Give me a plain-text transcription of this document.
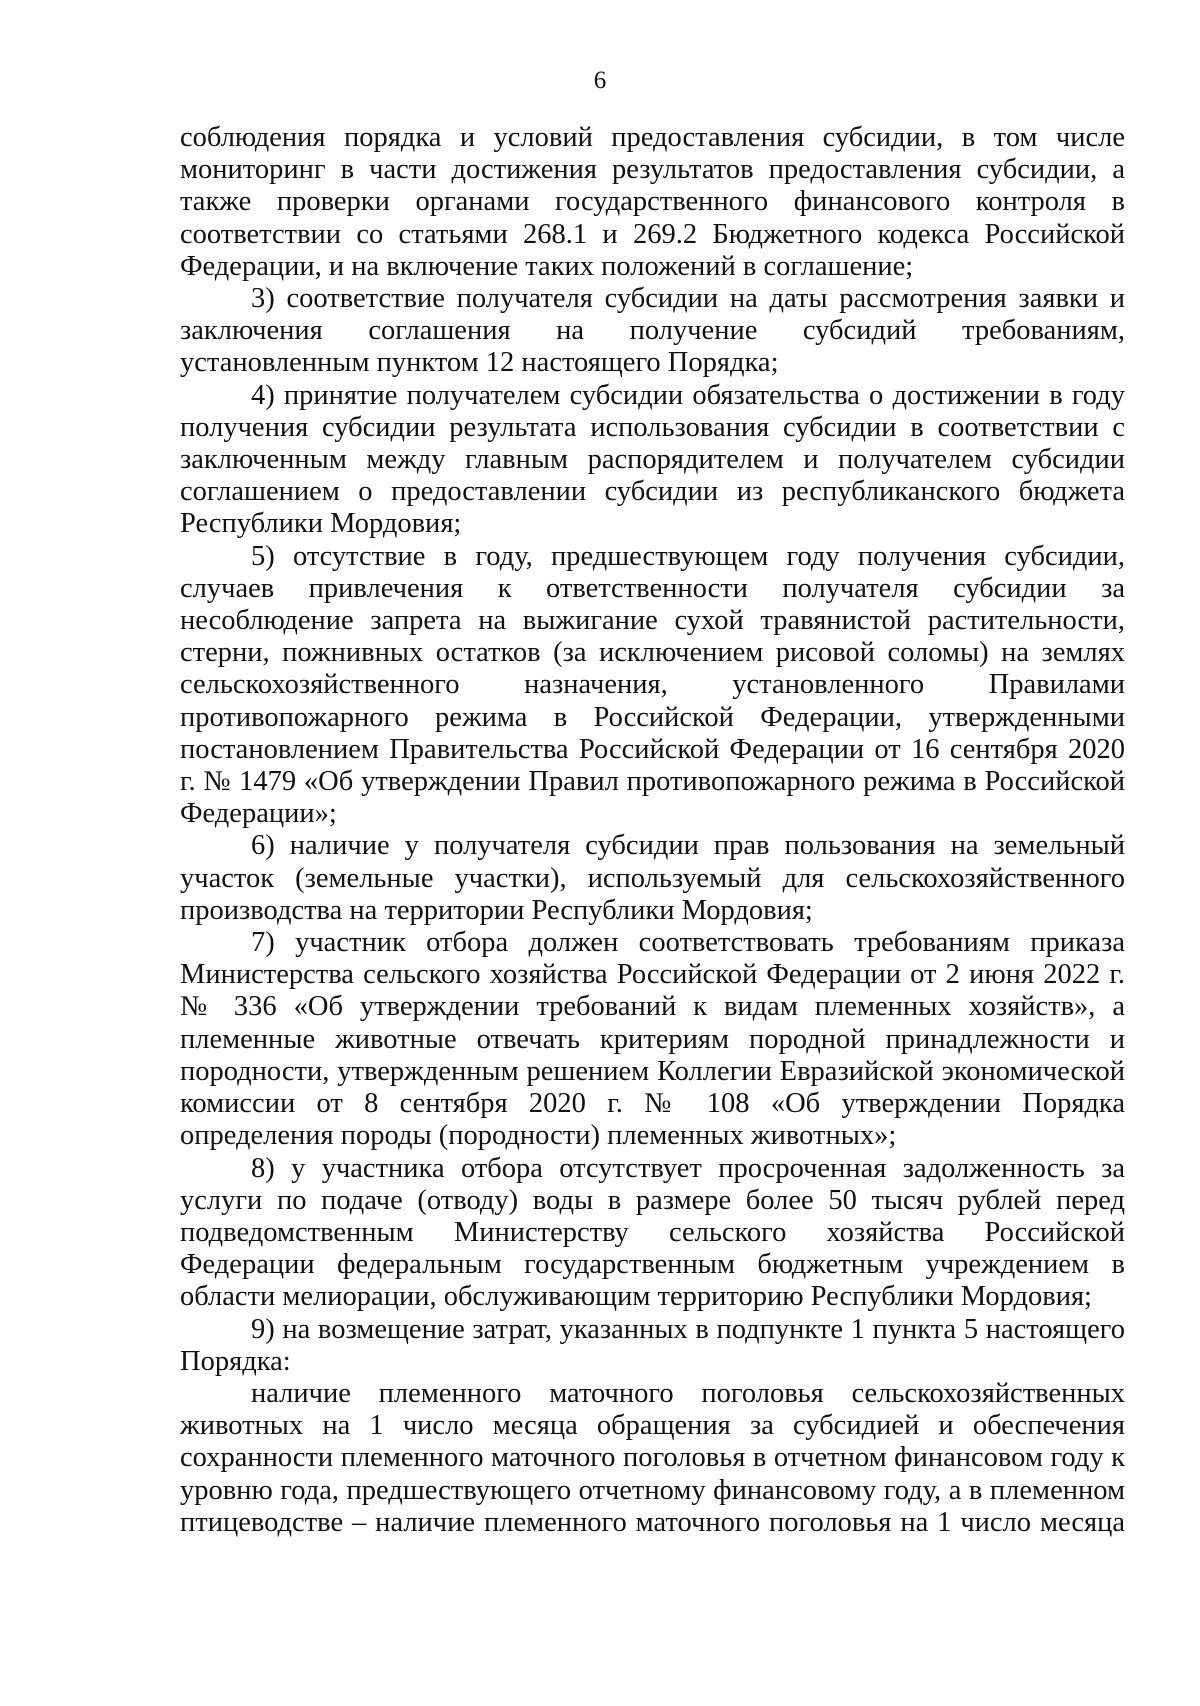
6

соблюдения порядка и условий предоставления субсидии, в том числе мониторинг в части достижения результатов предоставления субсидии, а также проверки органами государственного финансового контроля в соответствии со статьями 268.1 и 269.2 Бюджетного кодекса Российской Федерации, и на включение таких положений в соглашение;

3) соответствие получателя субсидии на даты рассмотрения заявки и заключения соглашения на получение субсидий требованиям, установленным пунктом 12 настоящего Порядка;

4) принятие получателем субсидии обязательства о достижении в году получения субсидии результата использования субсидии в соответствии с заключенным между главным распорядителем и получателем субсидии соглашением о предоставлении субсидии из республиканского бюджета Республики Мордовия;

5) отсутствие в году, предшествующем году получения субсидии, случаев привлечения к ответственности получателя субсидии за несоблюдение запрета на выжигание сухой травянистой растительности, стерни, пожнивных остатков (за исключением рисовой соломы) на землях сельскохозяйственного назначения, установленного Правилами противопожарного режима в Российской Федерации, утвержденными постановлением Правительства Российской Федерации от 16 сентября 2020 г. № 1479 «Об утверждении Правил противопожарного режима в Российской Федерации»;

6) наличие у получателя субсидии прав пользования на земельный участок (земельные участки), используемый для сельскохозяйственного производства на территории Республики Мордовия;

7) участник отбора должен соответствовать требованиям приказа Министерства сельского хозяйства Российской Федерации от 2 июня 2022 г. № 336 «Об утверждении требований к видам племенных хозяйств», а племенные животные отвечать критериям породной принадлежности и породности, утвержденным решением Коллегии Евразийской экономической комиссии от 8 сентября 2020 г. № 108 «Об утверждении Порядка определения породы (породности) племенных животных»;

8) у участника отбора отсутствует просроченная задолженность за услуги по подаче (отводу) воды в размере более 50 тысяч рублей перед подведомственным Министерству сельского хозяйства Российской Федерации федеральным государственным бюджетным учреждением в области мелиорации, обслуживающим территорию Республики Мордовия;

9) на возмещение затрат, указанных в подпункте 1 пункта 5 настоящего Порядка:

наличие племенного маточного поголовья сельскохозяйственных животных на 1 число месяца обращения за субсидией и обеспечения сохранности племенного маточного поголовья в отчетном финансовом году к уровню года, предшествующего отчетному финансовому году, а в племенном птицеводстве – наличие племенного маточного поголовья на 1 число месяца
